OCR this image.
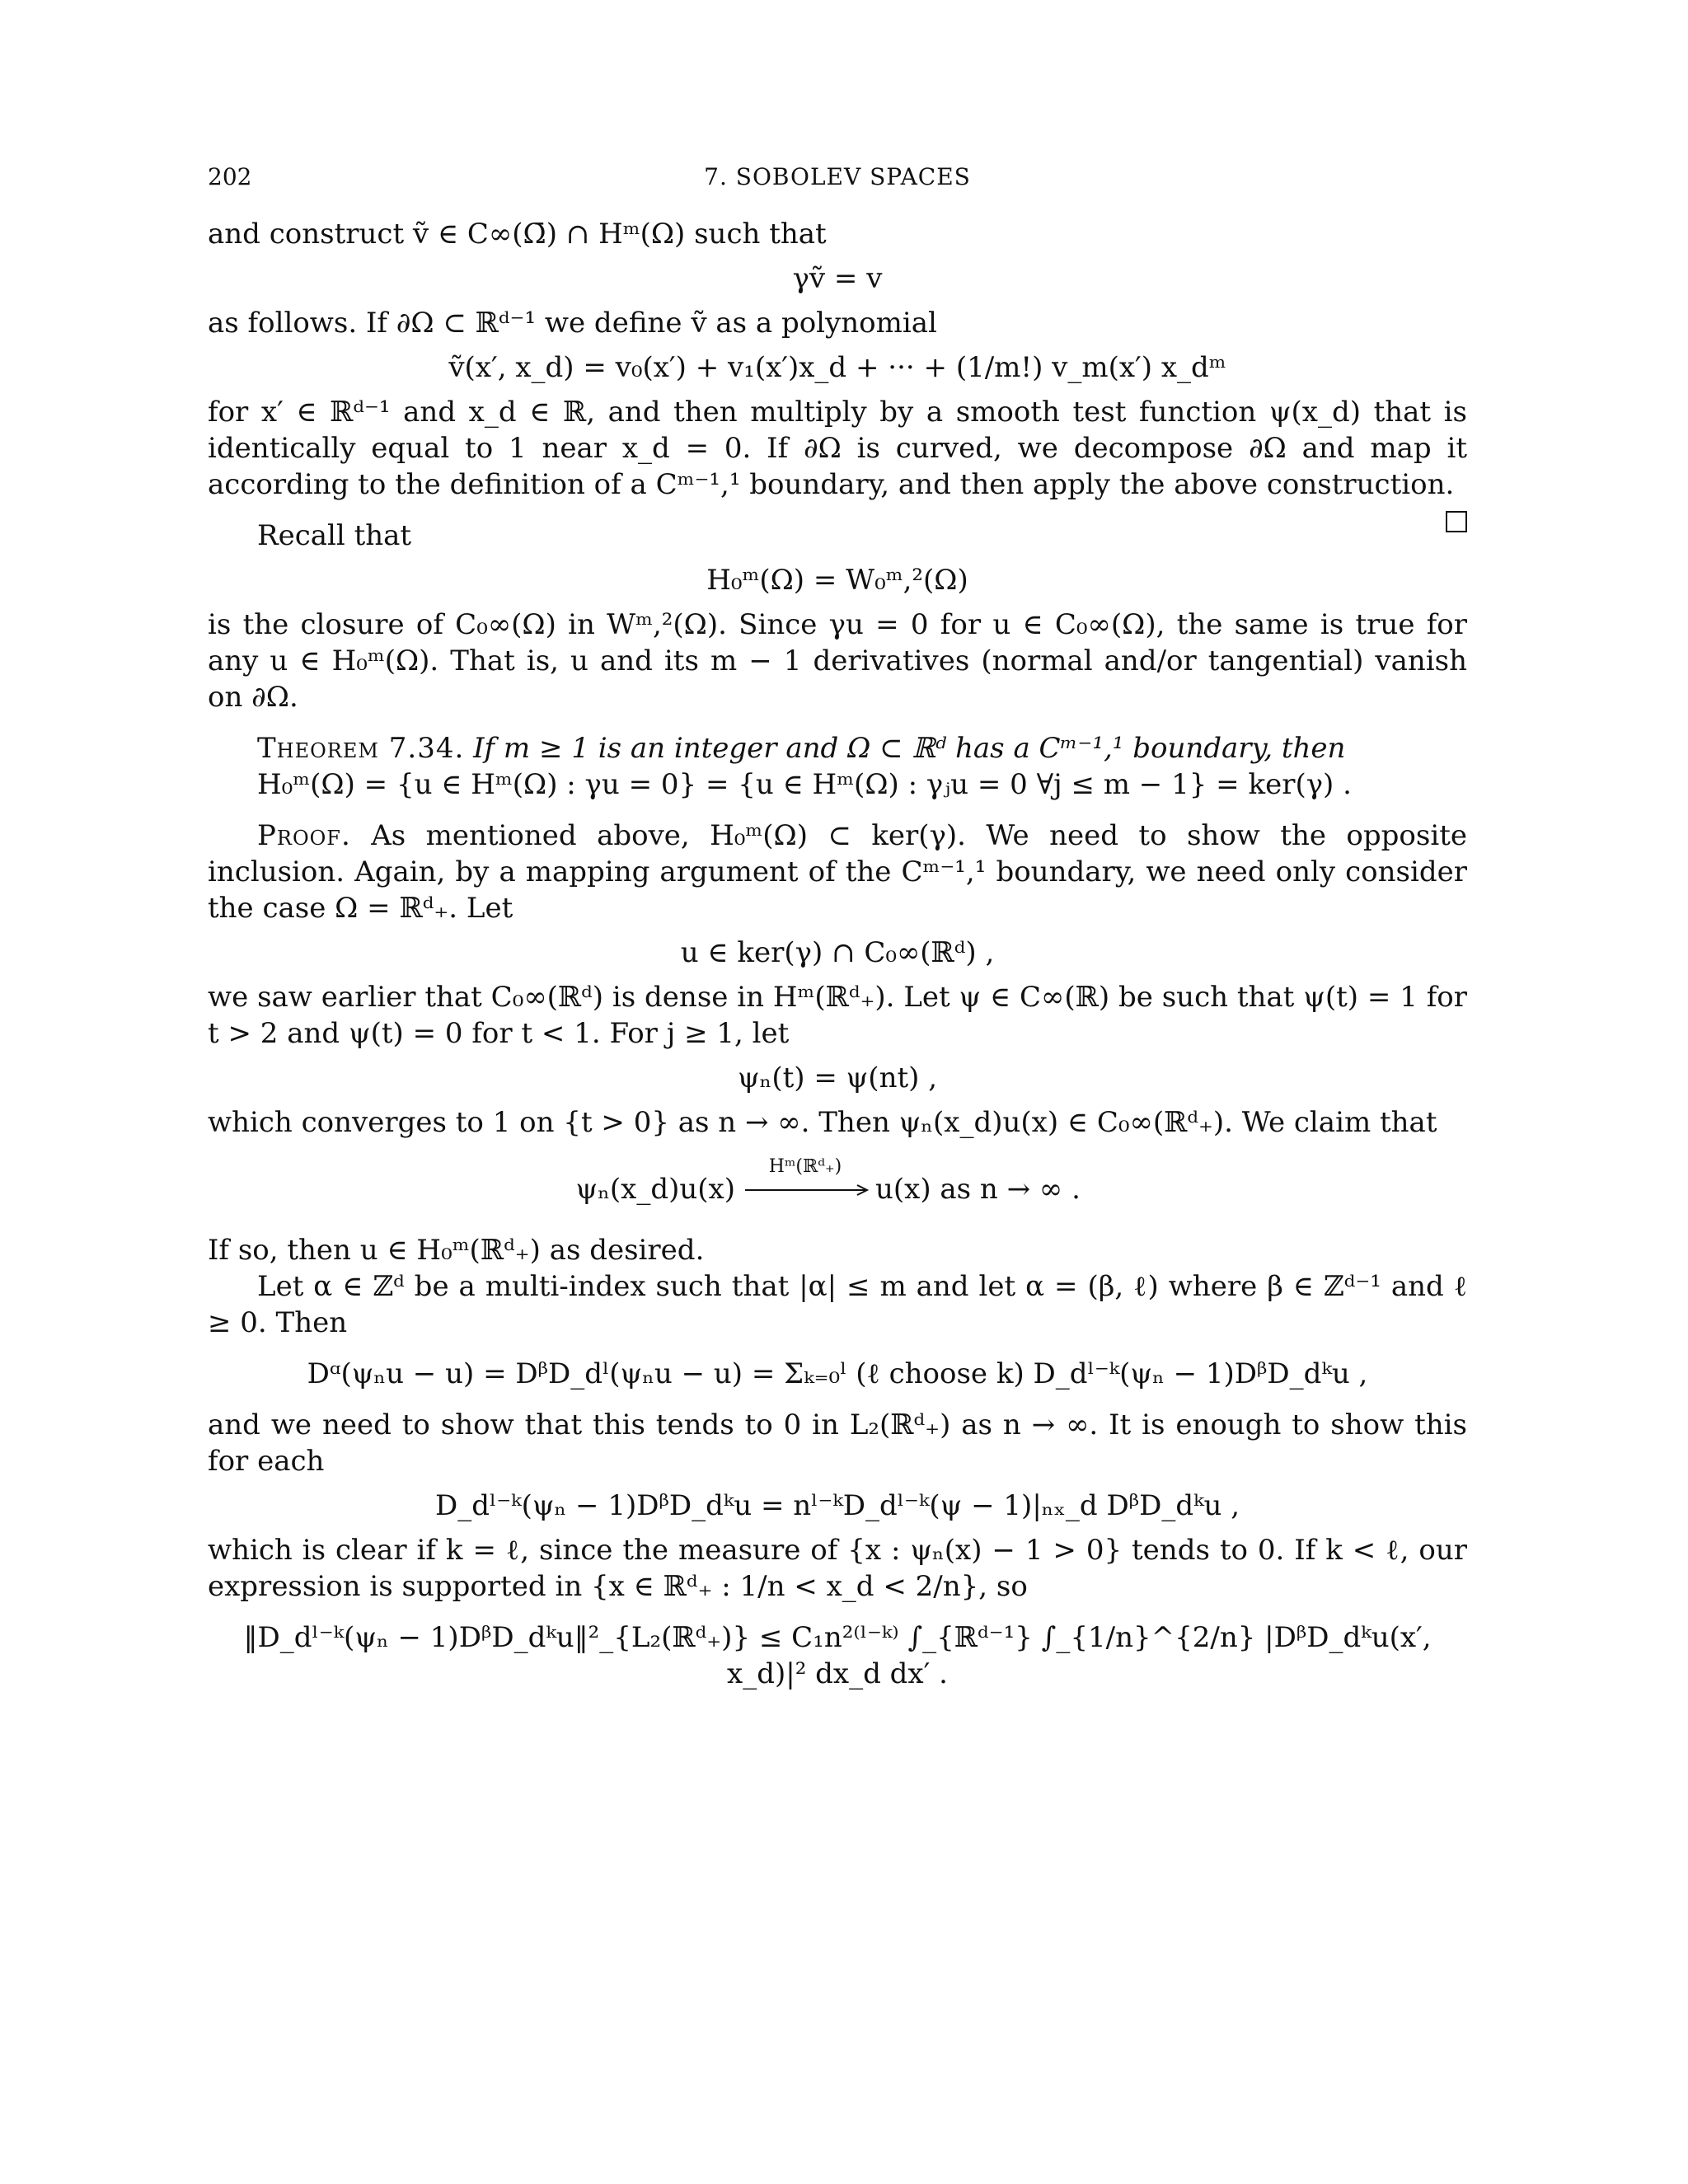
202	7. SOBOLEV SPACES

and construct ṽ ∈ C∞(Ω̄) ∩ Hᵐ(Ω) such that

γṽ = v

as follows. If ∂Ω ⊂ ℝᵈ⁻¹ we define ṽ as a polynomial

ṽ(x′, x_d) = v₀(x′) + v₁(x′)x_d + ··· + (1/m!) v_m(x′) x_dᵐ

for x′ ∈ ℝᵈ⁻¹ and x_d ∈ ℝ, and then multiply by a smooth test function ψ(x_d) that is identically equal to 1 near x_d = 0. If ∂Ω is curved, we decompose ∂Ω and map it according to the definition of a Cᵐ⁻¹,¹ boundary, and then apply the above construction.

Recall that

H₀ᵐ(Ω) = W₀ᵐ,²(Ω)

is the closure of C₀∞(Ω) in Wᵐ,²(Ω). Since γu = 0 for u ∈ C₀∞(Ω), the same is true for any u ∈ H₀ᵐ(Ω). That is, u and its m − 1 derivatives (normal and/or tangential) vanish on ∂Ω.

Theorem 7.34. If m ≥ 1 is an integer and Ω ⊂ ℝᵈ has a Cᵐ⁻¹,¹ boundary, then

H₀ᵐ(Ω) = {u ∈ Hᵐ(Ω) : γu = 0} = {u ∈ Hᵐ(Ω) : γⱼu = 0 ∀j ≤ m − 1} = ker(γ) .

Proof. As mentioned above, H₀ᵐ(Ω) ⊂ ker(γ). We need to show the opposite inclusion. Again, by a mapping argument of the Cᵐ⁻¹,¹ boundary, we need only consider the case Ω = ℝᵈ₊. Let

u ∈ ker(γ) ∩ C₀∞(ℝᵈ) ,

we saw earlier that C₀∞(ℝᵈ) is dense in Hᵐ(ℝᵈ₊). Let ψ ∈ C∞(ℝ) be such that ψ(t) = 1 for t > 2 and ψ(t) = 0 for t < 1. For j ≥ 1, let

ψₙ(t) = ψ(nt) ,

which converges to 1 on {t > 0} as n → ∞. Then ψₙ(x_d)u(x) ∈ C₀∞(ℝᵈ₊). We claim that

ψₙ(x_d)u(x)
Hᵐ(ℝᵈ₊)
u(x) as n → ∞ .

If so, then u ∈ H₀ᵐ(ℝᵈ₊) as desired.

Let α ∈ ℤᵈ be a multi-index such that |α| ≤ m and let α = (β, ℓ) where β ∈ ℤᵈ⁻¹ and ℓ ≥ 0. Then

Dᵅ(ψₙu − u) = DᵝD_dˡ(ψₙu − u) = Σₖ₌₀ˡ (ℓ choose k) D_dˡ⁻ᵏ(ψₙ − 1)DᵝD_dᵏu ,

and we need to show that this tends to 0 in L₂(ℝᵈ₊) as n → ∞. It is enough to show this for each

D_dˡ⁻ᵏ(ψₙ − 1)DᵝD_dᵏu = nˡ⁻ᵏD_dˡ⁻ᵏ(ψ − 1)|ₙₓ_d DᵝD_dᵏu ,

which is clear if k = ℓ, since the measure of {x : ψₙ(x) − 1 > 0} tends to 0. If k < ℓ, our expression is supported in {x ∈ ℝᵈ₊ : 1/n < x_d < 2/n}, so

‖D_dˡ⁻ᵏ(ψₙ − 1)DᵝD_dᵏu‖²_{L₂(ℝᵈ₊)} ≤ C₁n²⁽ˡ⁻ᵏ⁾ ∫_{ℝᵈ⁻¹} ∫_{1/n}^{2/n} |DᵝD_dᵏu(x′, x_d)|² dx_d dx′ .
